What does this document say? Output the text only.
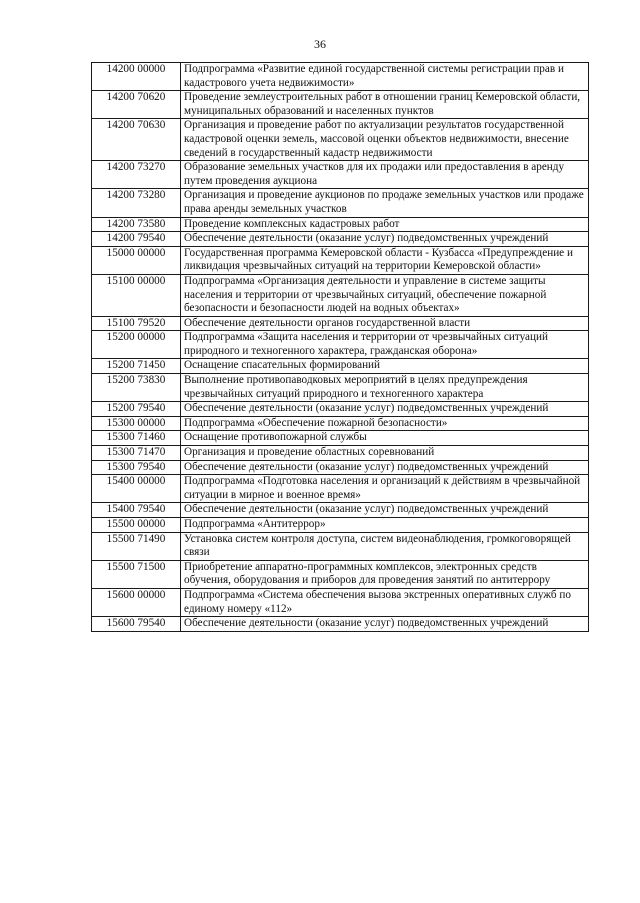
36
14200 00000	Подпрограмма «Развитие единой государственной системы регистрации прав и кадастрового учета недвижимости»
14200 70620	Проведение землеустроительных работ в отношении границ Кемеровской области, муниципальных образований и населенных пунктов
14200 70630	Организация и проведение работ по актуализации результатов государственной кадастровой оценки земель, массовой оценки объектов недвижимости, внесение сведений в государственный кадастр недвижимости
14200 73270	Образование земельных участков для их продажи или предоставления в аренду путем проведения аукциона
14200 73280	Организация и проведение аукционов по продаже земельных участков или продаже права аренды земельных участков
14200 73580	Проведение комплексных кадастровых работ
14200 79540	Обеспечение деятельности (оказание услуг) подведомственных учреждений
15000 00000	Государственная программа Кемеровской области - Кузбасса «Предупреждение и ликвидация чрезвычайных ситуаций на территории Кемеровской области»
15100 00000	Подпрограмма «Организация деятельности и управление в системе защиты населения и территории от чрезвычайных ситуаций, обеспечение пожарной безопасности и безопасности людей на водных объектах»
15100 79520	Обеспечение деятельности органов государственной власти
15200 00000	Подпрограмма «Защита населения и территории от чрезвычайных ситуаций природного и техногенного характера, гражданская оборона»
15200 71450	Оснащение спасательных формирований
15200 73830	Выполнение противопаводковых мероприятий в целях предупреждения чрезвычайных ситуаций природного и техногенного характера
15200 79540	Обеспечение деятельности (оказание услуг) подведомственных учреждений
15300 00000	Подпрограмма «Обеспечение пожарной безопасности»
15300 71460	Оснащение противопожарной службы
15300 71470	Организация и проведение областных соревнований
15300 79540	Обеспечение деятельности (оказание услуг) подведомственных учреждений
15400 00000	Подпрограмма «Подготовка населения и организаций к действиям в чрезвычайной ситуации в мирное и военное время»
15400 79540	Обеспечение деятельности (оказание услуг) подведомственных учреждений
15500 00000	Подпрограмма «Антитеррор»
15500 71490	Установка систем контроля доступа, систем видеонаблюдения, громкоговорящей связи
15500 71500	Приобретение аппаратно-программных комплексов, электронных средств обучения, оборудования и приборов для проведения занятий по антитеррору
15600 00000	Подпрограмма «Система обеспечения вызова экстренных оперативных служб по единому номеру «112»
15600 79540	Обеспечение деятельности (оказание услуг) подведомственных учреждений
